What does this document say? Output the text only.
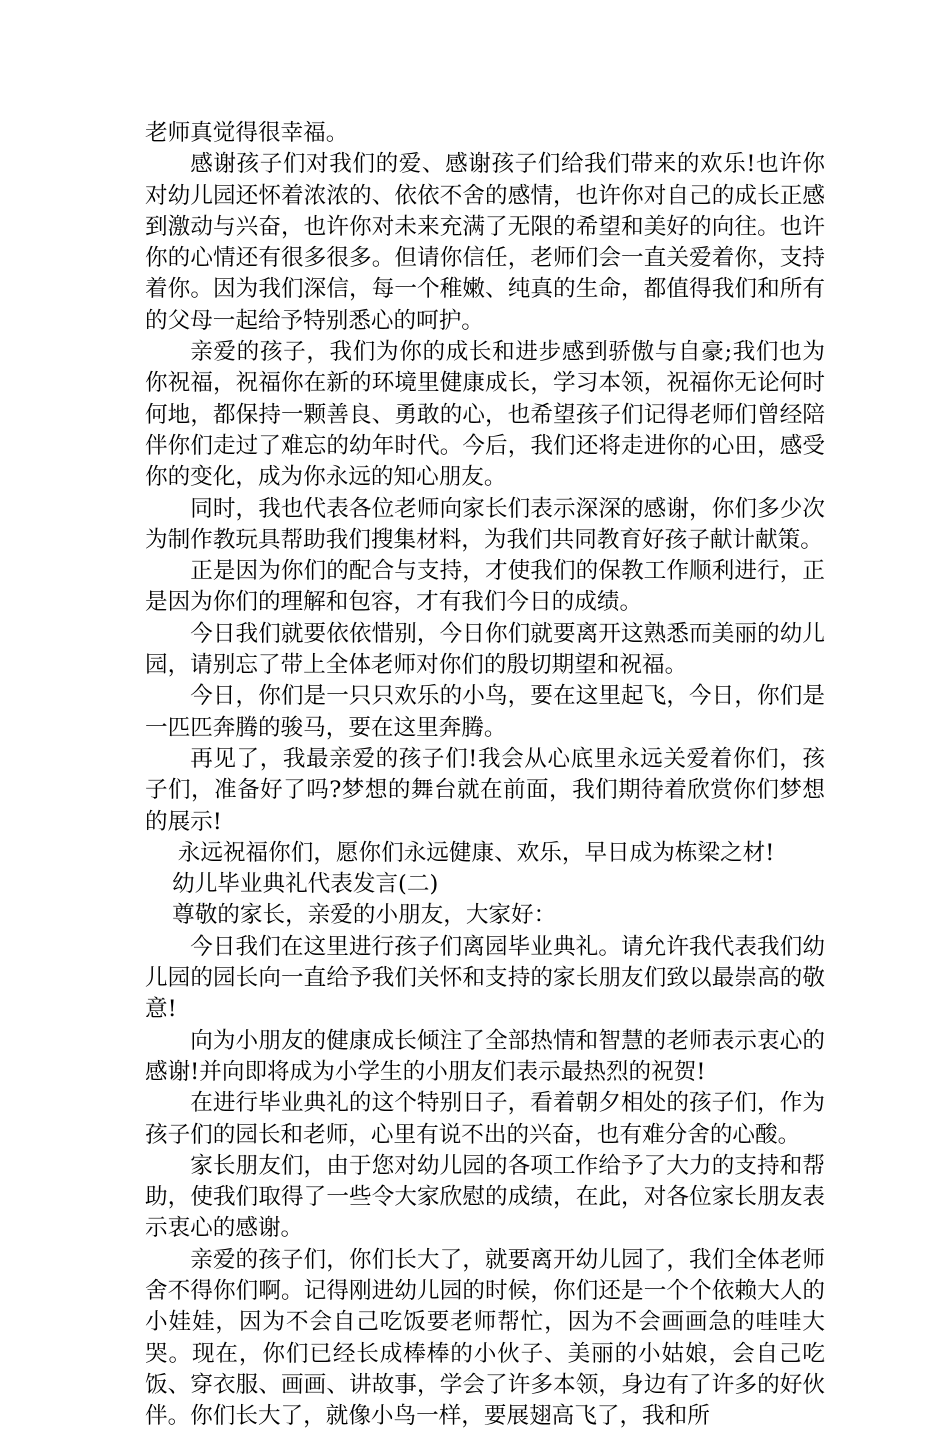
老师真觉得很幸福。

感谢孩子们对我们的爱、感谢孩子们给我们带来的欢乐!也许你对幼儿园还怀着浓浓的、依依不舍的感情，也许你对自己的成长正感到激动与兴奋，也许你对未来充满了无限的希望和美好的向往。也许你的心情还有很多很多。但请你信任，老师们会一直关爱着你，支持着你。因为我们深信，每一个稚嫩、纯真的生命，都值得我们和所有的父母一起给予特别悉心的呵护。

亲爱的孩子，我们为你的成长和进步感到骄傲与自豪;我们也为你祝福，祝福你在新的环境里健康成长，学习本领，祝福你无论何时何地，都保持一颗善良、勇敢的心，也希望孩子们记得老师们曾经陪伴你们走过了难忘的幼年时代。今后，我们还将走进你的心田，感受你的变化，成为你永远的知心朋友。

同时，我也代表各位老师向家长们表示深深的感谢，你们多少次为制作教玩具帮助我们搜集材料，为我们共同教育好孩子献计献策。

正是因为你们的配合与支持，才使我们的保教工作顺利进行，正是因为你们的理解和包容，才有我们今日的成绩。

今日我们就要依依惜别，今日你们就要离开这熟悉而美丽的幼儿园，请别忘了带上全体老师对你们的殷切期望和祝福。

今日，你们是一只只欢乐的小鸟，要在这里起飞，今日，你们是一匹匹奔腾的骏马，要在这里奔腾。

再见了，我最亲爱的孩子们!我会从心底里永远关爱着你们，孩子们，准备好了吗?梦想的舞台就在前面，我们期待着欣赏你们梦想的展示!

永远祝福你们，愿你们永远健康、欢乐，早日成为栋梁之材!

幼儿毕业典礼代表发言(二)

尊敬的家长，亲爱的小朋友，大家好：

今日我们在这里进行孩子们离园毕业典礼。请允许我代表我们幼儿园的园长向一直给予我们关怀和支持的家长朋友们致以最崇高的敬意!

向为小朋友的健康成长倾注了全部热情和智慧的老师表示衷心的感谢!并向即将成为小学生的小朋友们表示最热烈的祝贺!

在进行毕业典礼的这个特别日子，看着朝夕相处的孩子们，作为孩子们的园长和老师，心里有说不出的兴奋，也有难分舍的心酸。

家长朋友们，由于您对幼儿园的各项工作给予了大力的支持和帮助，使我们取得了一些令大家欣慰的成绩，在此，对各位家长朋友表示衷心的感谢。

亲爱的孩子们，你们长大了，就要离开幼儿园了，我们全体老师舍不得你们啊。记得刚进幼儿园的时候，你们还是一个个依赖大人的小娃娃，因为不会自己吃饭要老师帮忙，因为不会画画急的哇哇大哭。现在，你们已经长成棒棒的小伙子、美丽的小姑娘，会自己吃饭、穿衣服、画画、讲故事，学会了许多本领，身边有了许多的好伙伴。你们长大了，就像小鸟一样，要展翅高飞了，我和所
